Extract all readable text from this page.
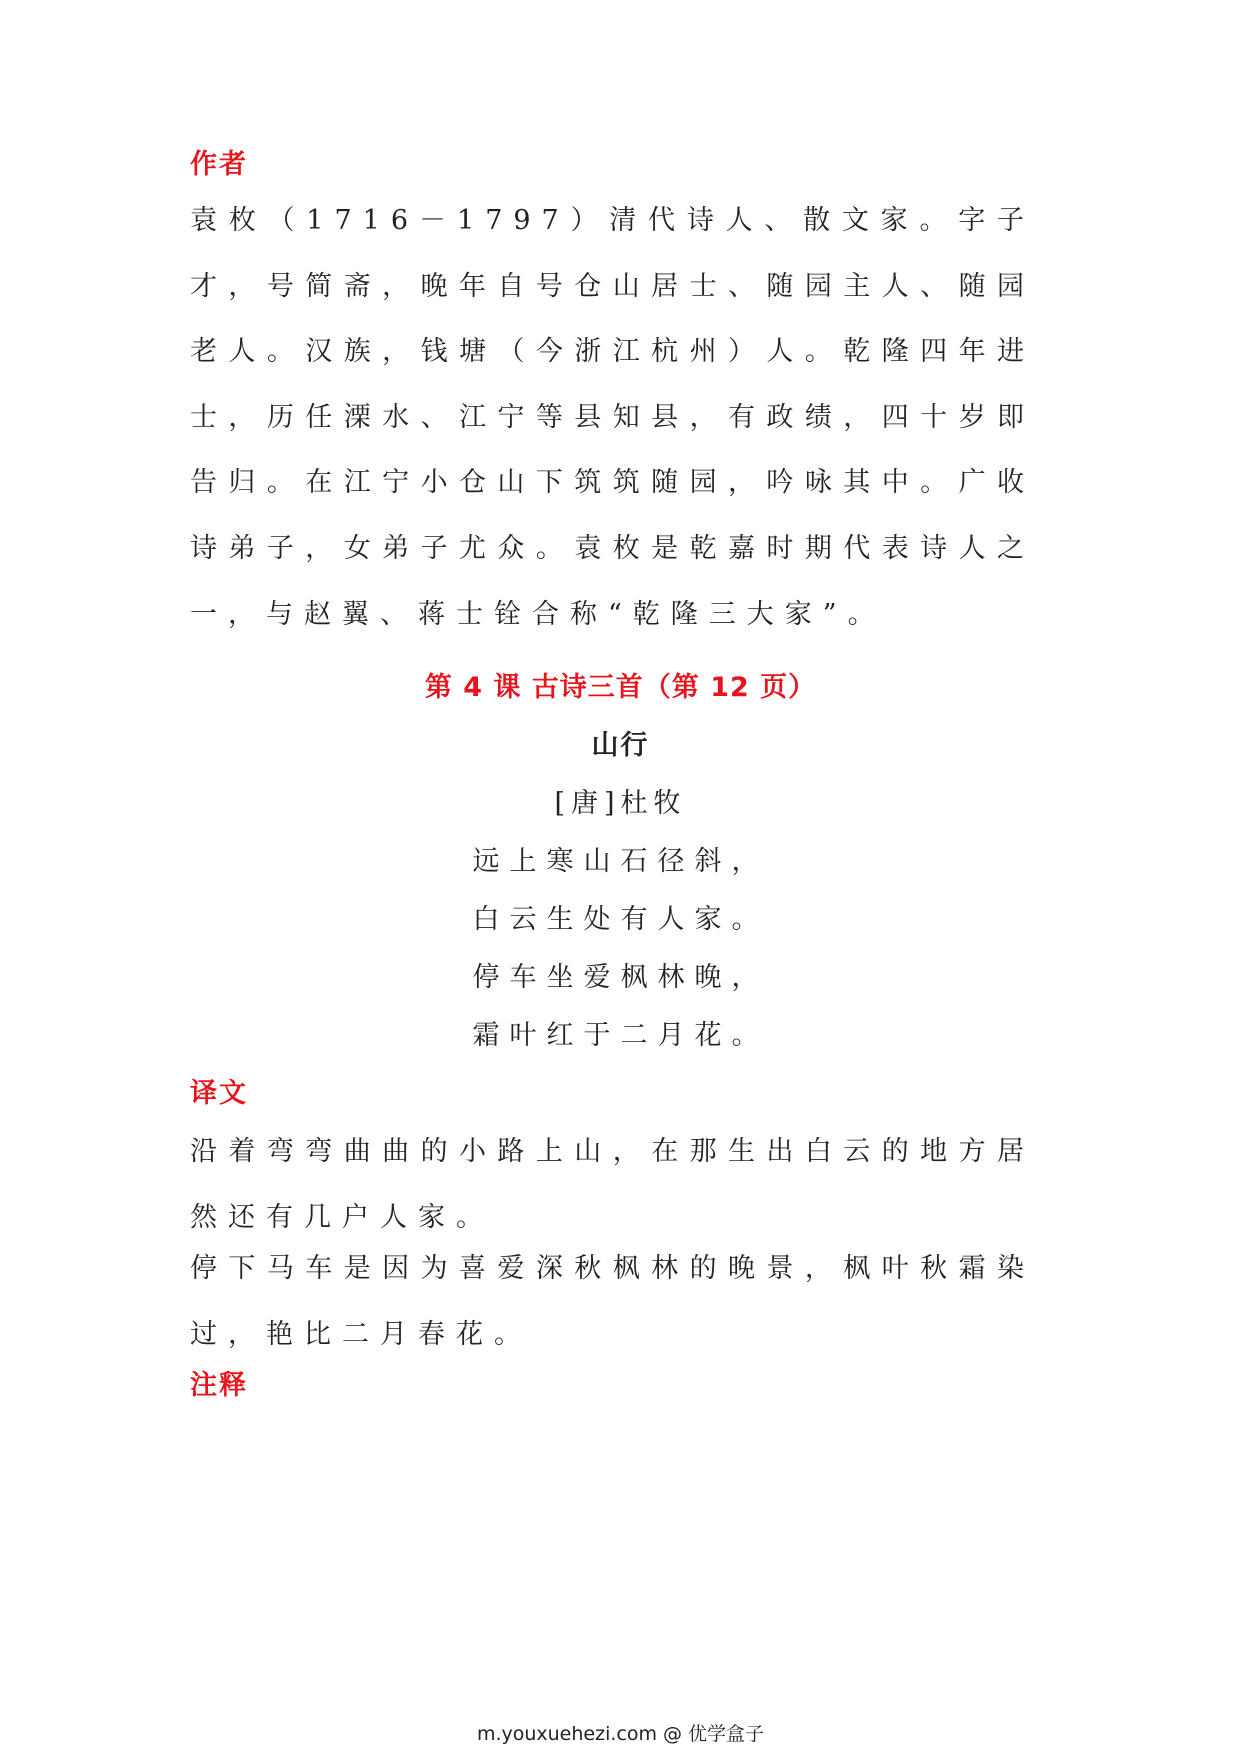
作者

袁枚（1716－1797）清代诗人、散文家。字子才，号简斋，晚年自号仓山居士、随园主人、随园老人。汉族，钱塘（今浙江杭州）人。乾隆四年进士，历任溧水、江宁等县知县，有政绩，四十岁即告归。在江宁小仓山下筑筑随园，吟咏其中。广收诗弟子，女弟子尤众。袁枚是乾嘉时期代表诗人之一，与赵翼、蒋士铨合称“乾隆三大家”。

第 4 课 古诗三首（第 12 页）
山行
[唐]杜牧
远上寒山石径斜，
白云生处有人家。
停车坐爱枫林晚，
霜叶红于二月花。
译文

沿着弯弯曲曲的小路上山，在那生出白云的地方居然还有几户人家。

停下马车是因为喜爱深秋枫林的晚景，枫叶秋霜染过，艳比二月春花。

注释
m.youxuehezi.com @ 优学盒子
